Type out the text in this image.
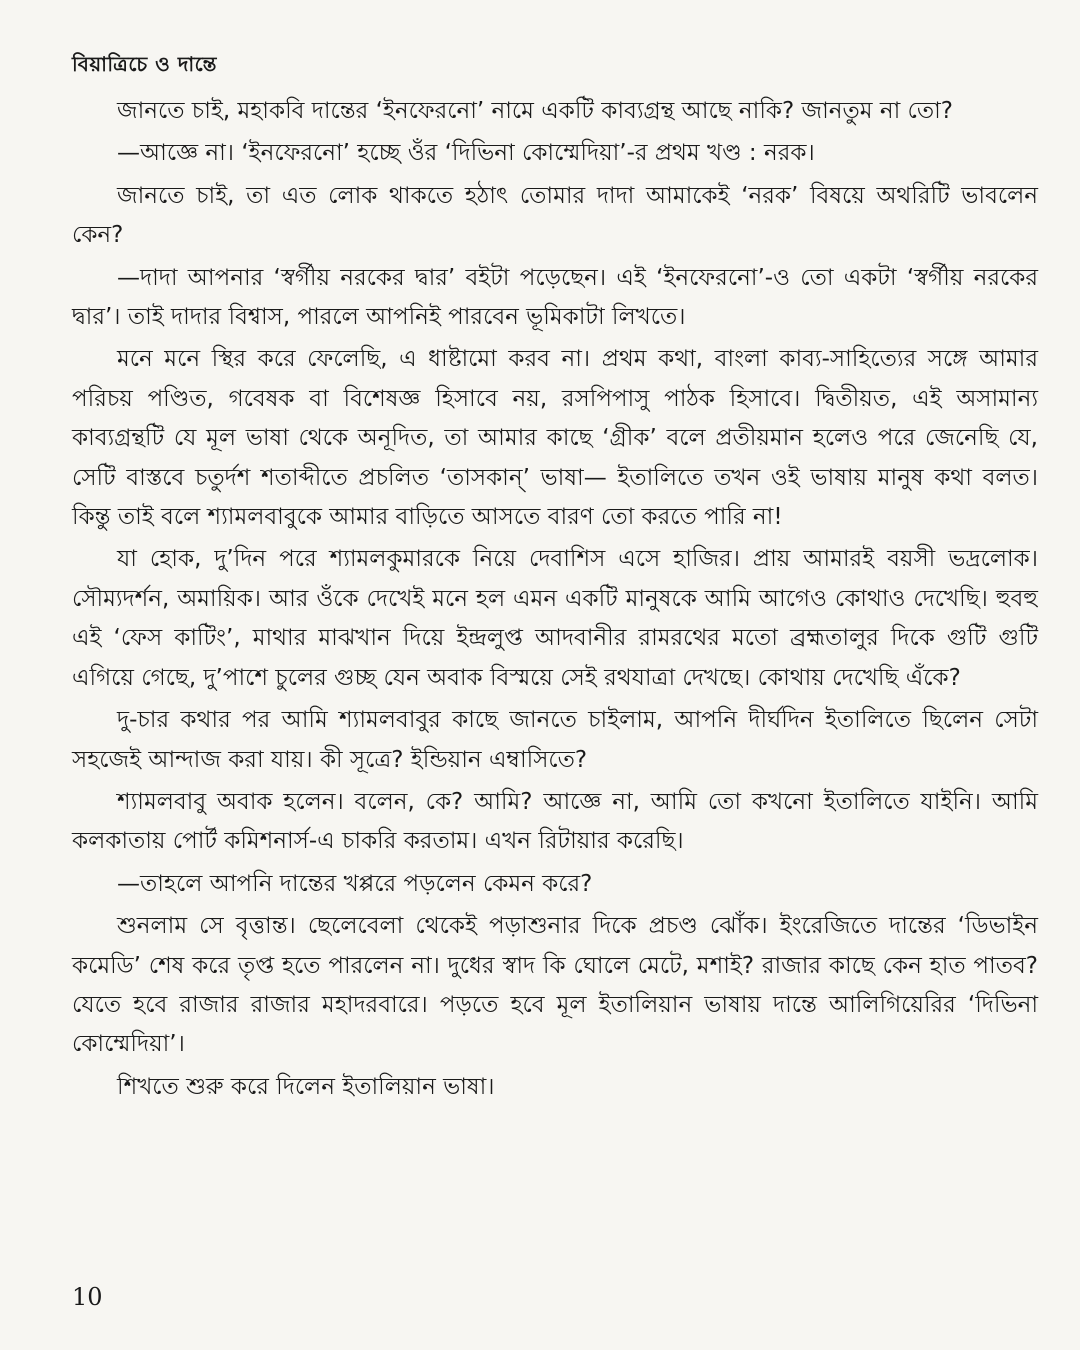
বিয়াত্রিচে ও দান্তে

জানতে চাই, মহাকবি দান্তের ‘ইনফেরনো’ নামে একটি কাব্যগ্রন্থ আছে নাকি? জানতুম না তো?

—আজ্ঞে না। ‘ইনফেরনো’ হচ্ছে ওঁর ‘দিভিনা কোম্মেদিয়া’-র প্রথম খণ্ড : নরক।

জানতে চাই, তা এত লোক থাকতে হঠাৎ তোমার দাদা আমাকেই ‘নরক’ বিষয়ে অথরিটি ভাবলেন কেন?

—দাদা আপনার ‘স্বর্গীয় নরকের দ্বার’ বইটা পড়েছেন। এই ‘ইনফেরনো’-ও তো একটা ‘স্বর্গীয় নরকের দ্বার’। তাই দাদার বিশ্বাস, পারলে আপনিই পারবেন ভূমিকাটা লিখতে।

মনে মনে স্থির করে ফেলেছি, এ ধাষ্টামো করব না। প্রথম কথা, বাংলা কাব্য-সাহিত্যের সঙ্গে আমার পরিচয় পণ্ডিত, গবেষক বা বিশেষজ্ঞ হিসাবে নয়, রসপিপাসু পাঠক হিসাবে। দ্বিতীয়ত, এই অসামান্য কাব্যগ্রন্থটি যে মূল ভাষা থেকে অনূদিত, তা আমার কাছে ‘গ্রীক’ বলে প্রতীয়মান হলেও পরে জেনেছি যে, সেটি বাস্তবে চতুর্দশ শতাব্দীতে প্রচলিত ‘তাসকান্’ ভাষা— ইতালিতে তখন ওই ভাষায় মানুষ কথা বলত। কিন্তু তাই বলে শ্যামলবাবুকে আমার বাড়িতে আসতে বারণ তো করতে পারি না!

যা হোক, দু’দিন পরে শ্যামলকুমারকে নিয়ে দেবাশিস এসে হাজির। প্রায় আমারই বয়সী ভদ্রলোক। সৌম্যদর্শন, অমায়িক। আর ওঁকে দেখেই মনে হল এমন একটি মানুষকে আমি আগেও কোথাও দেখেছি। হুবহু এই ‘ফেস কাটিং’, মাথার মাঝখান দিয়ে ইন্দ্রলুপ্ত আদবানীর রামরথের মতো ব্রহ্মতালুর দিকে গুটি গুটি এগিয়ে গেছে, দু’পাশে চুলের গুচ্ছ যেন অবাক বিস্ময়ে সেই রথযাত্রা দেখছে। কোথায় দেখেছি এঁকে?

দু-চার কথার পর আমি শ্যামলবাবুর কাছে জানতে চাইলাম, আপনি দীর্ঘদিন ইতালিতে ছিলেন সেটা সহজেই আন্দাজ করা যায়। কী সূত্রে? ইন্ডিয়ান এম্বাসিতে?

শ্যামলবাবু অবাক হলেন। বলেন, কে? আমি? আজ্ঞে না, আমি তো কখনো ইতালিতে যাইনি। আমি কলকাতায় পোর্ট কমিশনার্স-এ চাকরি করতাম। এখন রিটায়ার করেছি।

—তাহলে আপনি দান্তের খপ্পরে পড়লেন কেমন করে?

শুনলাম সে বৃত্তান্ত। ছেলেবেলা থেকেই পড়াশুনার দিকে প্রচণ্ড ঝোঁক। ইংরেজিতে দান্তের ‘ডিভাইন কমেডি’ শেষ করে তৃপ্ত হতে পারলেন না। দুধের স্বাদ কি ঘোলে মেটে, মশাই? রাজার কাছে কেন হাত পাতব? যেতে হবে রাজার রাজার মহাদরবারে। পড়তে হবে মূল ইতালিয়ান ভাষায় দান্তে আলিগিয়েরির ‘দিভিনা কোম্মেদিয়া’।

শিখতে শুরু করে দিলেন ইতালিয়ান ভাষা।

10
